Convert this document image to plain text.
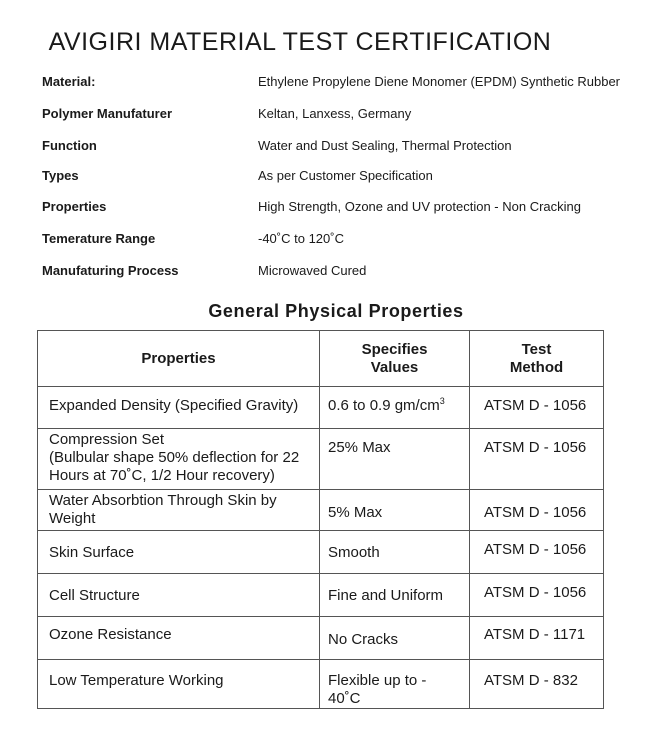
AVIGIRI MATERIAL TEST CERTIFICATION
Material:	Ethylene Propylene Diene Monomer (EPDM) Synthetic Rubber
Polymer Manufaturer	Keltan, Lanxess, Germany
Function	Water and Dust Sealing, Thermal Protection
Types	As per Customer Specification
Properties	High Strength, Ozone and UV protection - Non Cracking
Temerature Range	-40˚C to 120˚C
Manufaturing Process	Microwaved Cured
General Physical Properties
Properties	Specifies Values	Test Method
Expanded Density (Specified Gravity)	0.6 to 0.9 $gm/cm^3$	ATSM D - 1056

Compression Set
(Bulbular shape 50% deflection for 22 Hours at 70˚C, 1/2 Hour recovery)	25% Max	ATSM D - 1056
Water Absorbtion Through Skin by Weight	5% Max	ATSM D - 1056
Skin Surface	Smooth	ATSM D - 1056
Cell Structure	Fine and Uniform	ATSM D - 1056
Ozone Resistance	No Cracks	ATSM D - 1171
Low Temperature Working	Flexible up to - 40˚C	ATSM D - 832
